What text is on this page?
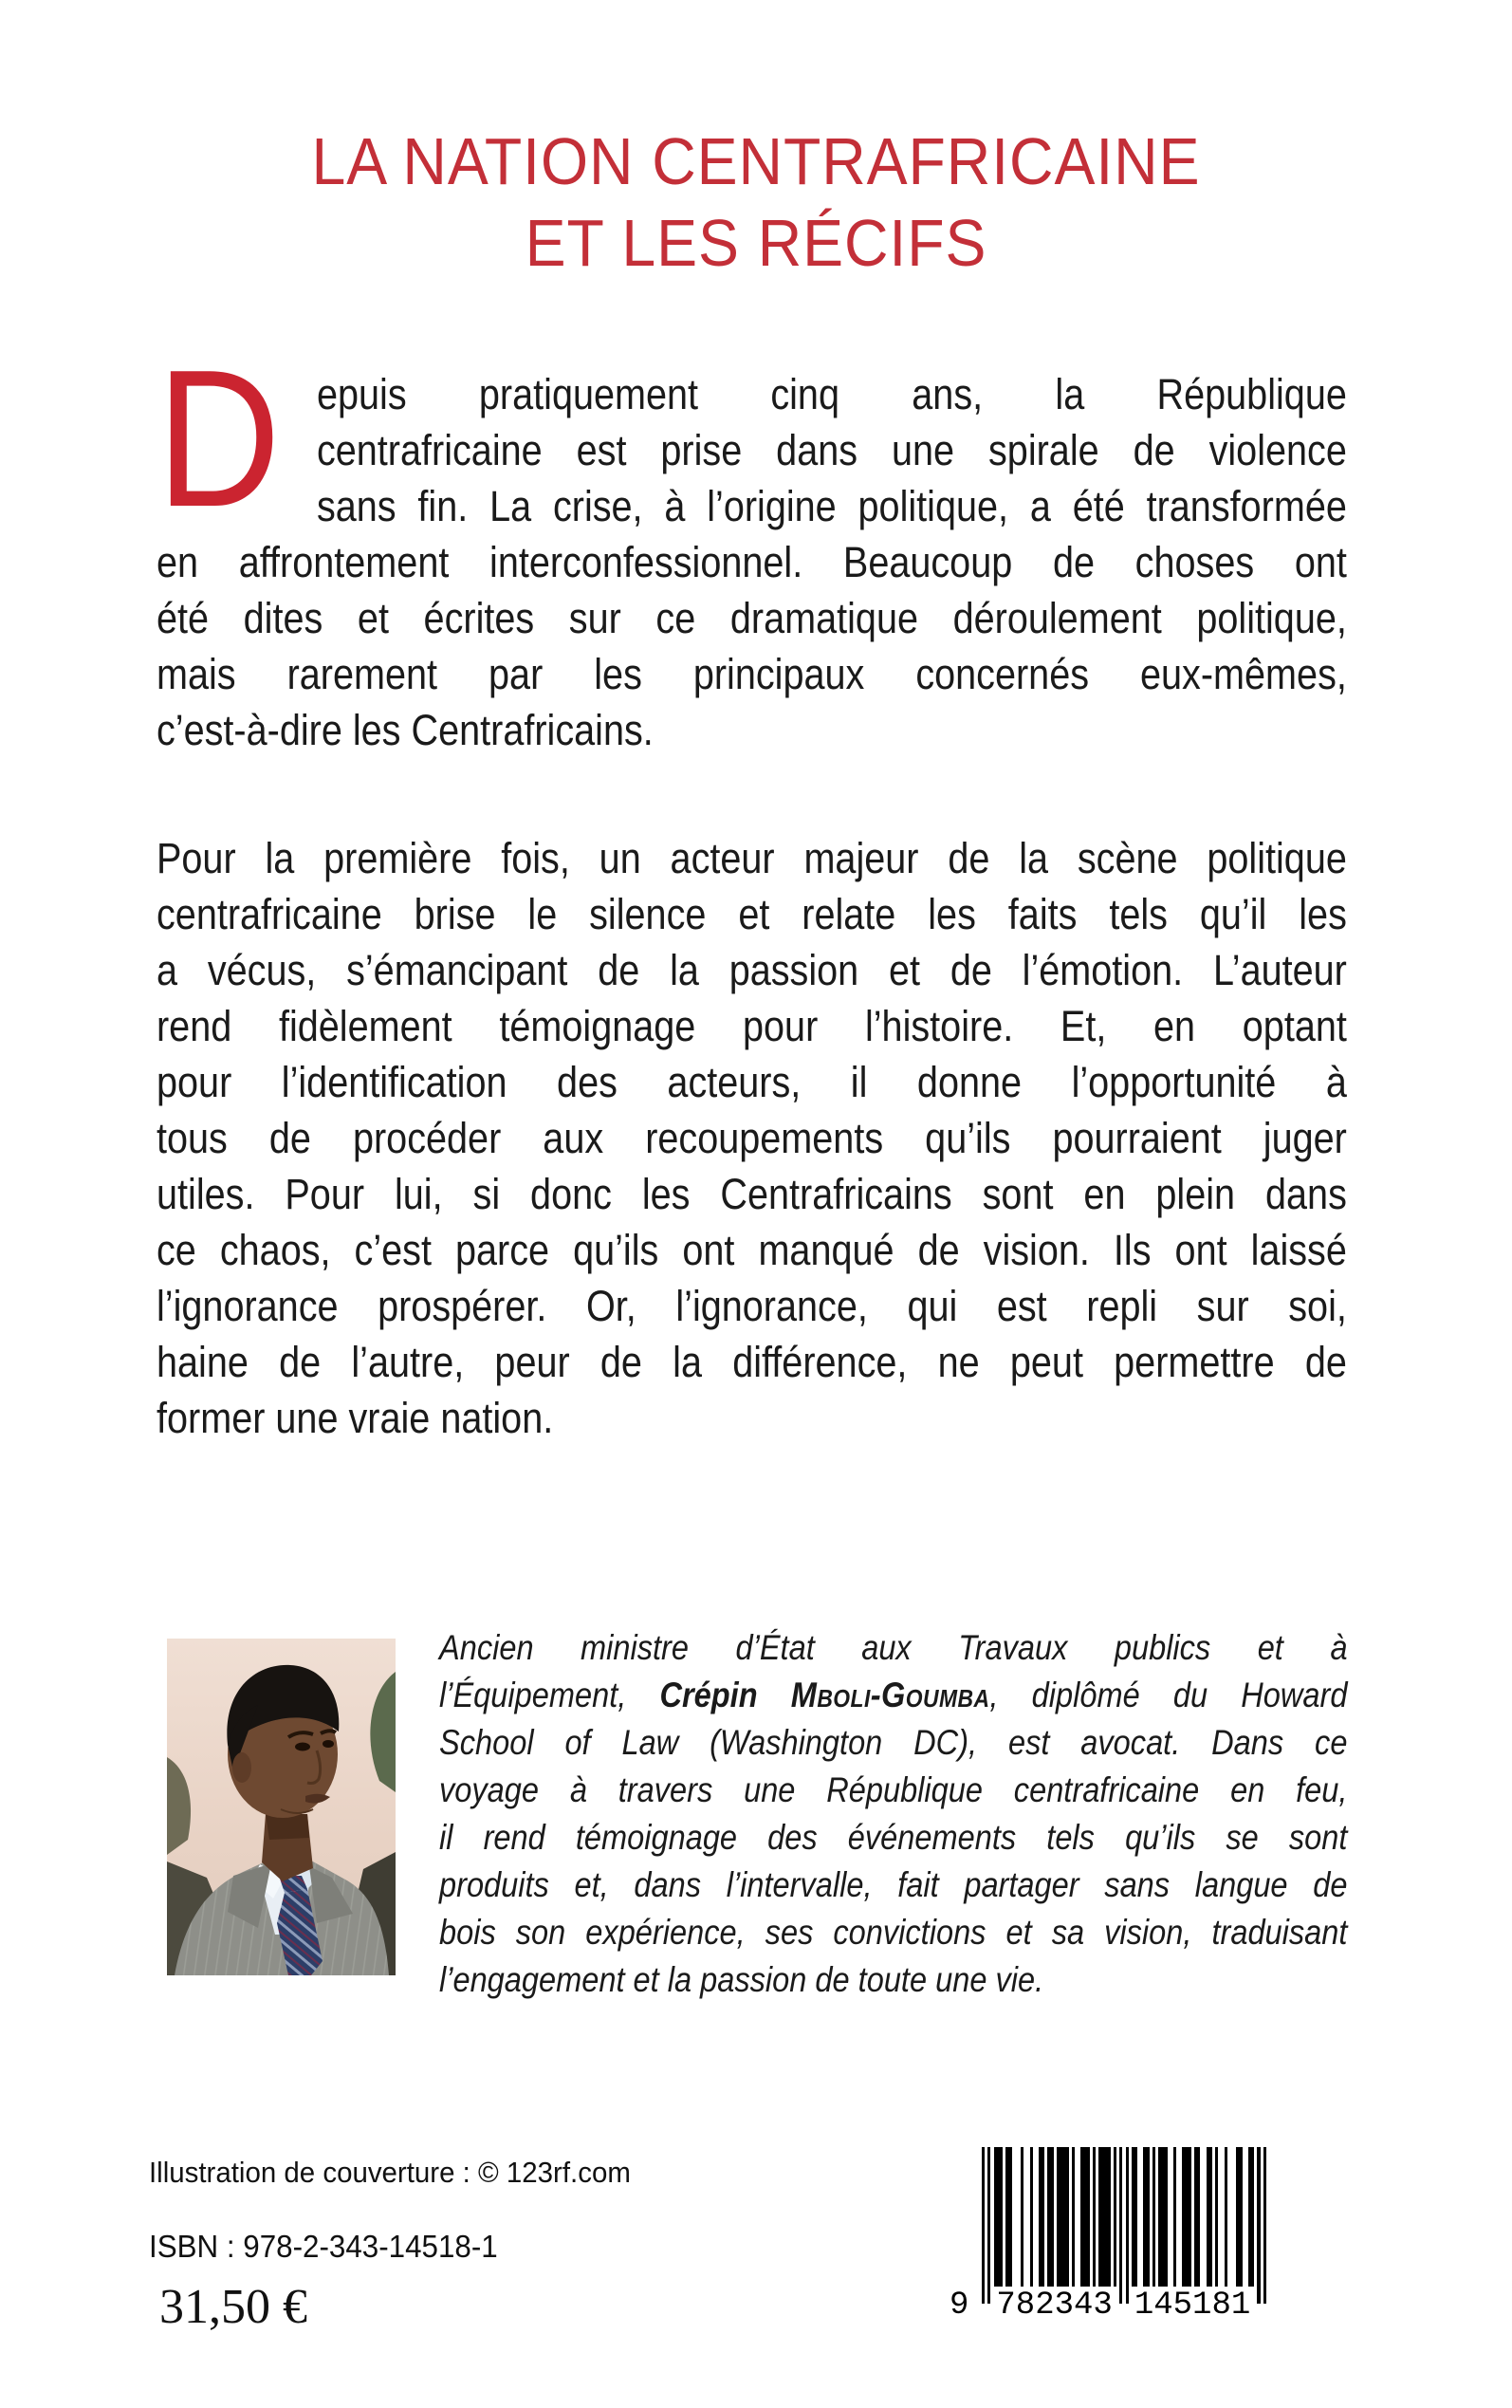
LA NATION CENTRAFRICAINE
ET LES RÉCIFS
D epuis pratiquement cinq ans, la République
centrafricaine est prise dans une spirale de violence
sans fin. La crise, à l’origine politique, a été transformée
en affrontement interconfessionnel. Beaucoup de choses ont
été dites et écrites sur ce dramatique déroulement politique,
mais rarement par les principaux concernés eux-mêmes,
c’est-à-dire les Centrafricains.
Pour la première fois, un acteur majeur de la scène politique
centrafricaine brise le silence et relate les faits tels qu’il les
a vécus, s’émancipant de la passion et de l’émotion. L’auteur
rend fidèlement témoignage pour l’histoire. Et, en optant
pour l’identification des acteurs, il donne l’opportunité à
tous de procéder aux recoupements qu’ils pourraient juger
utiles. Pour lui, si donc les Centrafricains sont en plein dans
ce chaos, c’est parce qu’ils ont manqué de vision. Ils ont laissé
l’ignorance prospérer. Or, l’ignorance, qui est repli sur soi,
haine de l’autre, peur de la différence, ne peut permettre de
former une vraie nation.
Ancien ministre d’État aux Travaux publics et à
l’Équipement, Crépin Mboli-Goumba, diplômé du Howard
School of Law (Washington DC), est avocat. Dans ce
voyage à travers une République centrafricaine en feu,
il rend témoignage des événements tels qu’ils se sont
produits et, dans l’intervalle, fait partager sans langue de
bois son expérience, ses convictions et sa vision, traduisant
l’engagement et la passion de toute une vie.
Illustration de couverture : © 123rf.com
ISBN : 978-2-343-14518-1
31,50 €	9 782343 145181
